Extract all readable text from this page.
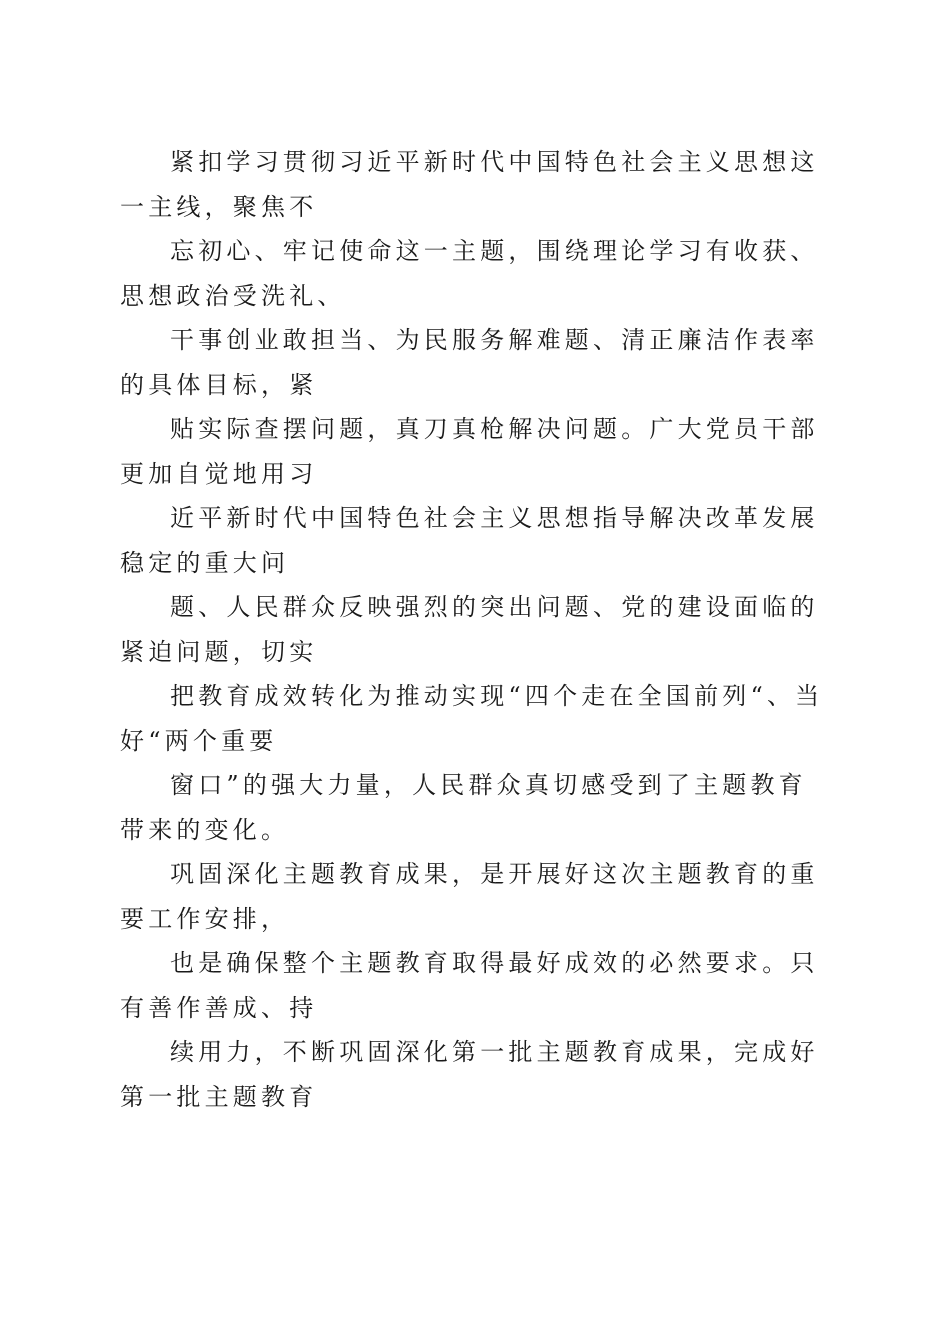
紧扣学习贯彻习近平新时代中国特色社会主义思想这一主线，聚焦不

忘初心、牢记使命这一主题，围绕理论学习有收获、思想政治受洗礼、

干事创业敢担当、为民服务解难题、清正廉洁作表率的具体目标，紧

贴实际查摆问题，真刀真枪解决问题。广大党员干部更加自觉地用习

近平新时代中国特色社会主义思想指导解决改革发展稳定的重大问

题、人民群众反映强烈的突出问题、党的建设面临的紧迫问题，切实

把教育成效转化为推动实现“四个走在全国前列“、当好“两个重要

窗口”的强大力量，人民群众真切感受到了主题教育带来的变化。

巩固深化主题教育成果，是开展好这次主题教育的重要工作安排，

也是确保整个主题教育取得最好成效的必然要求。只有善作善成、持

续用力，不断巩固深化第一批主题教育成果，完成好第一批主题教育
